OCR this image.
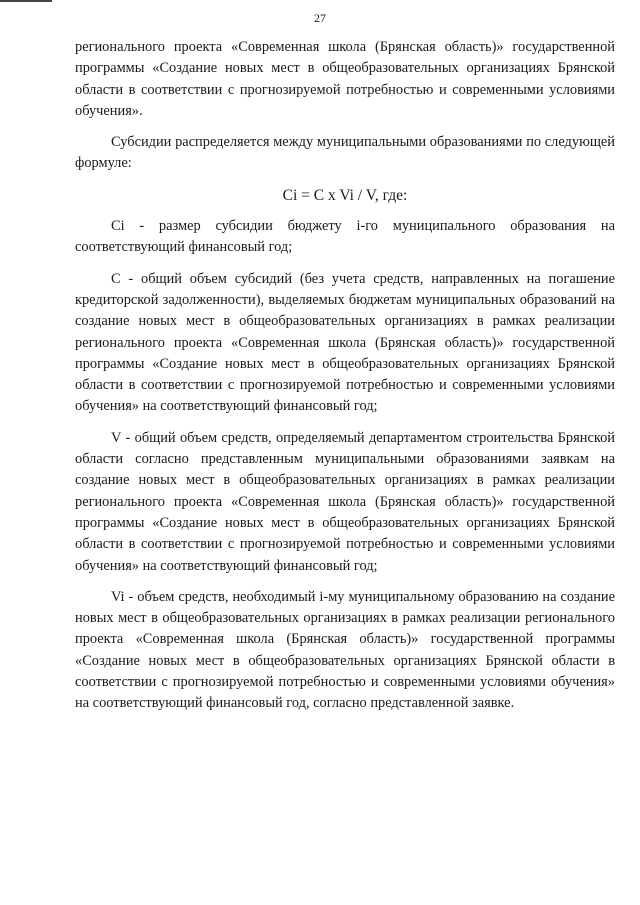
27

регионального проекта «Современная школа (Брянская область)» государственной программы «Создание новых мест в общеобразовательных организациях Брянской области в соответствии с прогнозируемой потребностью и современными условиями обучения».

Субсидии распределяется между муниципальными образованиями по следующей формуле:

Ci = C x Vi / V, где:

Ci - размер субсидии бюджету i-го муниципального образования на соответствующий финансовый год;

C - общий объем субсидий (без учета средств, направленных на погашение кредиторской задолженности), выделяемых бюджетам муниципальных образований на создание новых мест в общеобразовательных организациях в рамках реализации регионального проекта «Современная школа (Брянская область)» государственной программы «Создание новых мест в общеобразовательных организациях Брянской области в соответствии с прогнозируемой потребностью и современными условиями обучения» на соответствующий финансовый год;

V - общий объем средств, определяемый департаментом строительства Брянской области согласно представленным муниципальными образованиями заявкам на создание новых мест в общеобразовательных организациях в рамках реализации регионального проекта «Современная школа (Брянская область)» государственной программы «Создание новых мест в общеобразовательных организациях Брянской области в соответствии с прогнозируемой потребностью и современными условиями обучения» на соответствующий финансовый год;

Vi - объем средств, необходимый i-му муниципальному образованию на создание новых мест в общеобразовательных организациях в рамках реализации регионального проекта «Современная школа (Брянская область)» государственной программы «Создание новых мест в общеобразовательных организациях Брянской области в соответствии с прогнозируемой потребностью и современными условиями обучения» на соответствующий финансовый год, согласно представленной заявке.
